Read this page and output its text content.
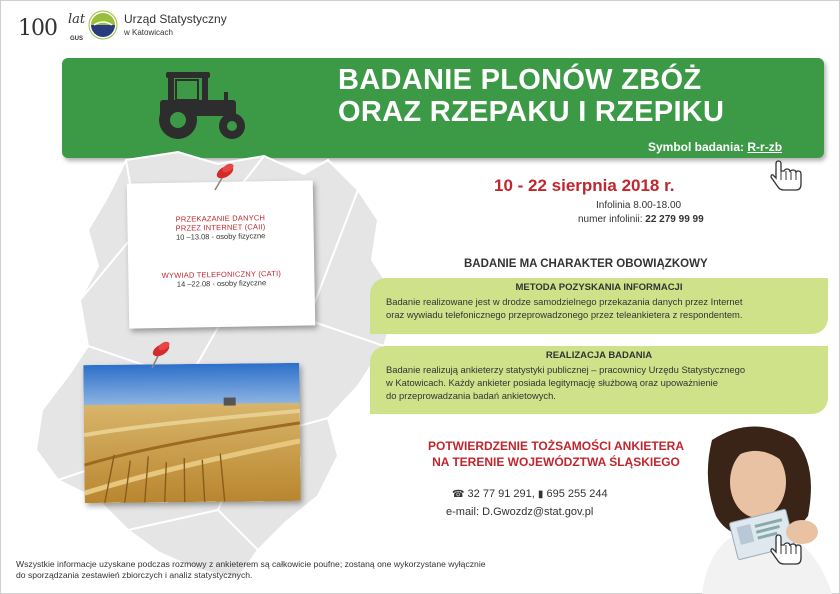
100 lat
GUS
Urząd Statystyczny
w Katowicach
BADANIE PLONÓW ZBÓŻ
ORAZ RZEPAKU I RZEPIKU
Symbol badania: R-r-zb
PRZEKAZANIE DANYCH
PRZEZ INTERNET (CAII)
10 –13.08 - osoby fizyczne
WYWIAD TELEFONICZNY (CATI)
14 –22.08 - osoby fizyczne
10 - 22 sierpnia 2018 r.
Infolinia 8.00-18.00
numer infolinii: 22 279 99 99
BADANIE MA CHARAKTER OBOWIĄZKOWY
METODA POZYSKANIA INFORMACJI
Badanie realizowane jest w drodze samodzielnego przekazania danych przez Internet
oraz wywiadu telefonicznego przeprowadzonego przez teleankietera z respondentem.
REALIZACJA BADANIA
Badanie realizują ankieterzy statystyki publicznej – pracownicy Urzędu Statystycznego
w Katowicach. Każdy ankieter posiada legitymację służbową oraz upoważnienie
do przeprowadzania badań ankietowych.
POTWIERDZENIE TOŻSAMOŚCI ANKIETERA
NA TERENIE WOJEWÓDZTWA ŚLĄSKIEGO
☎ 32 77 91 291, ▮ 695 255 244
e-mail: D.Gwozdz@stat.gov.pl
Wszystkie informacje uzyskane podczas rozmowy z ankieterem są całkowicie poufne; zostaną one wykorzystane wyłącznie
do sporządzania zestawień zbiorczych i analiz statystycznych.
